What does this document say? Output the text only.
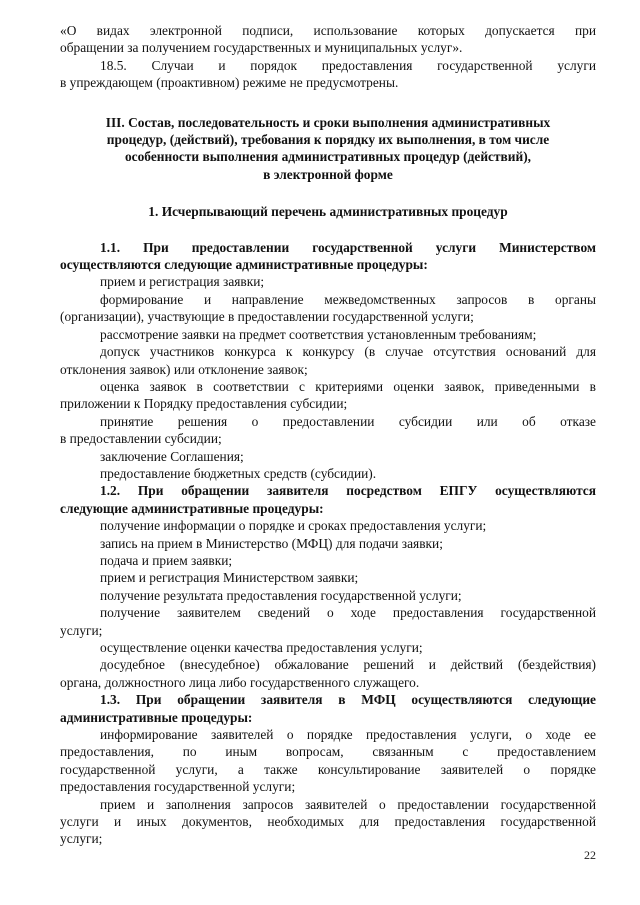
«О видах электронной подписи, использование которых допускается при

обращении за получением государственных и муниципальных услуг».

18.5. Случаи и порядок предоставления государственной услуги

в упреждающем (проактивном) режиме не предусмотрены.

III. Состав, последовательность и сроки выполнения административных

процедур, (действий), требования к порядку их выполнения, в том числе

особенности выполнения административных процедур (действий),

в электронной форме

1. Исчерпывающий перечень административных процедур

1.1. При предоставлении государственной услуги Министерством

осуществляются следующие административные процедуры:

прием и регистрация заявки;

формирование и направление межведомственных запросов в органы

(организации), участвующие в предоставлении государственной услуги;

рассмотрение заявки на предмет соответствия установленным требованиям;

допуск участников конкурса к конкурсу (в случае отсутствия оснований для

отклонения заявок) или отклонение заявок;

оценка заявок в соответствии с критериями оценки заявок, приведенными в

приложении к Порядку предоставления субсидии;

принятие решения о предоставлении субсидии или об отказе

в предоставлении субсидии;

заключение Соглашения;

предоставление бюджетных средств (субсидии).

1.2. При обращении заявителя посредством ЕПГУ осуществляются

следующие административные процедуры:

получение информации о порядке и сроках предоставления услуги;

запись на прием в Министерство (МФЦ) для подачи заявки;

подача и прием заявки;

прием и регистрация Министерством заявки;

получение результата предоставления государственной услуги;

получение заявителем сведений о ходе предоставления государственной

услуги;

осуществление оценки качества предоставления услуги;

досудебное (внесудебное) обжалование решений и действий (бездействия)

органа, должностного лица либо государственного служащего.

1.3. При обращении заявителя в МФЦ осуществляются следующие

административные процедуры:

информирование заявителей о порядке предоставления услуги, о ходе ее

предоставления, по иным вопросам, связанным с предоставлением

государственной услуги, а также консультирование заявителей о порядке

предоставления государственной услуги;

прием и заполнения запросов заявителей о предоставлении государственной

услуги и иных документов, необходимых для предоставления государственной

услуги;

22
